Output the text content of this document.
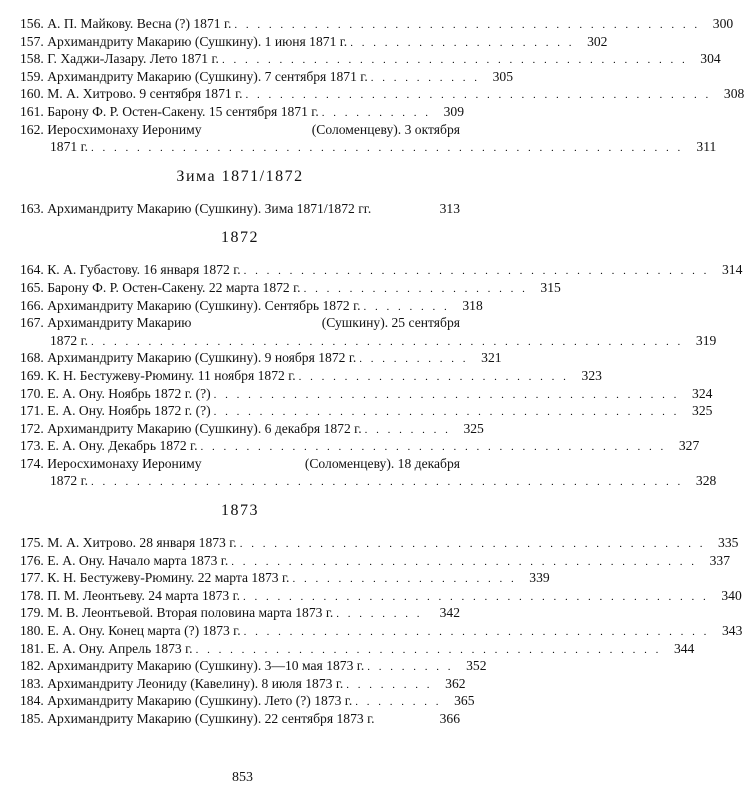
156. А. П. Майкову. Весна (?) 1871 г. . . . . . . . . . . . . . . . . . . . . . . . . . . . . . . . . . . . . . . . . . 300
157. Архимандриту Макарию (Сушкину). 1 июня 1871 г. . . . . . . . . . . . . . . . . . . . . 302
158. Г. Хаджи-Лазару. Лето 1871 г. . . . . . . . . . . . . . . . . . . . . . . . . . . . . . . . . . . . . . . . . . 304
159. Архимандриту Макарию (Сушкину). 7 сентября 1871 г. . . . . . . . . . . 305
160. М. А. Хитрово. 9 сентября 1871 г. . . . . . . . . . . . . . . . . . . . . . . . . . . . . . . . . . . . . . . . . . 308
161. Барону Ф. Р. Остен-Сакену. 15 сентября 1871 г. . . . . . . . . . . 309
162. Иеросхимонаху Иерониму	(Соломенцеву). 3 октября
1871 г. . . . . . . . . . . . . . . . . . . . . . . . . . . . . . . . . . . . . . . . . . . . . . . . . . . . . 311
Зима 1871/1872
163. Архимандриту Макарию (Сушкину). Зима 1871/1872 гг.	313
1872
164. К. А. Губастову. 16 января 1872 г. . . . . . . . . . . . . . . . . . . . . . . . . . . . . . . . . . . . . . . . . . 314
165. Барону Ф. Р. Остен-Сакену. 22 марта 1872 г. . . . . . . . . . . . . . . . . . . . . 315
166. Архимандриту Макарию (Сушкину). Сентябрь 1872 г. . . . . . . . . 318
167. Архимандриту Макарию	(Сушкину). 25 сентября
1872 г. . . . . . . . . . . . . . . . . . . . . . . . . . . . . . . . . . . . . . . . . . . . . . . . . . . . . 319
168. Архимандриту Макарию (Сушкину). 9 ноября 1872 г. . . . . . . . . . . 321
169. К. Н. Бестужеву-Рюмину. 11 ноября 1872 г. . . . . . . . . . . . . . . . . . . . . . . . . 323
170. Е. А. Ону. Ноябрь 1872 г. (?) . . . . . . . . . . . . . . . . . . . . . . . . . . . . . . . . . . . . . . . . . 324
171. Е. А. Ону. Ноябрь 1872 г. (?) . . . . . . . . . . . . . . . . . . . . . . . . . . . . . . . . . . . . . . . . . 325
172. Архимандриту Макарию (Сушкину). 6 декабря 1872 г. . . . . . . . . 325
173. Е. А. Ону. Декабрь 1872 г. . . . . . . . . . . . . . . . . . . . . . . . . . . . . . . . . . . . . . . . . . 327
174. Иеросхимонаху Иерониму	(Соломенцеву). 18 декабря
1872 г. . . . . . . . . . . . . . . . . . . . . . . . . . . . . . . . . . . . . . . . . . . . . . . . . . . . . 328
1873
175. М. А. Хитрово. 28 января 1873 г. . . . . . . . . . . . . . . . . . . . . . . . . . . . . . . . . . . . . . . . . . 335
176. Е. А. Ону. Начало марта 1873 г. . . . . . . . . . . . . . . . . . . . . . . . . . . . . . . . . . . . . . . . . . 337
177. К. Н. Бестужеву-Рюмину. 22 марта 1873 г. . . . . . . . . . . . . . . . . . . . . 339
178. П. М. Леонтьеву. 24 марта 1873 г. . . . . . . . . . . . . . . . . . . . . . . . . . . . . . . . . . . . . . . . . . 340
179. М. В. Леонтьевой. Вторая половина марта 1873 г. . . . . . . . .	342
180. Е. А. Ону. Конец марта (?) 1873 г. . . . . . . . . . . . . . . . . . . . . . . . . . . . . . . . . . . . . . . . . . 343
181. Е. А. Ону. Апрель 1873 г. . . . . . . . . . . . . . . . . . . . . . . . . . . . . . . . . . . . . . . . . . 344
182. Архимандриту Макарию (Сушкину). 3—10 мая 1873 г. . . . . . . . . 352
183. Архимандриту Леониду (Кавелину). 8 июля 1873 г. . . . . . . . . 362
184. Архимандриту Макарию (Сушкину). Лето (?) 1873 г. . . . . . . . . 365
185. Архимандриту Макарию (Сушкину). 22 сентября 1873 г.	366
853
